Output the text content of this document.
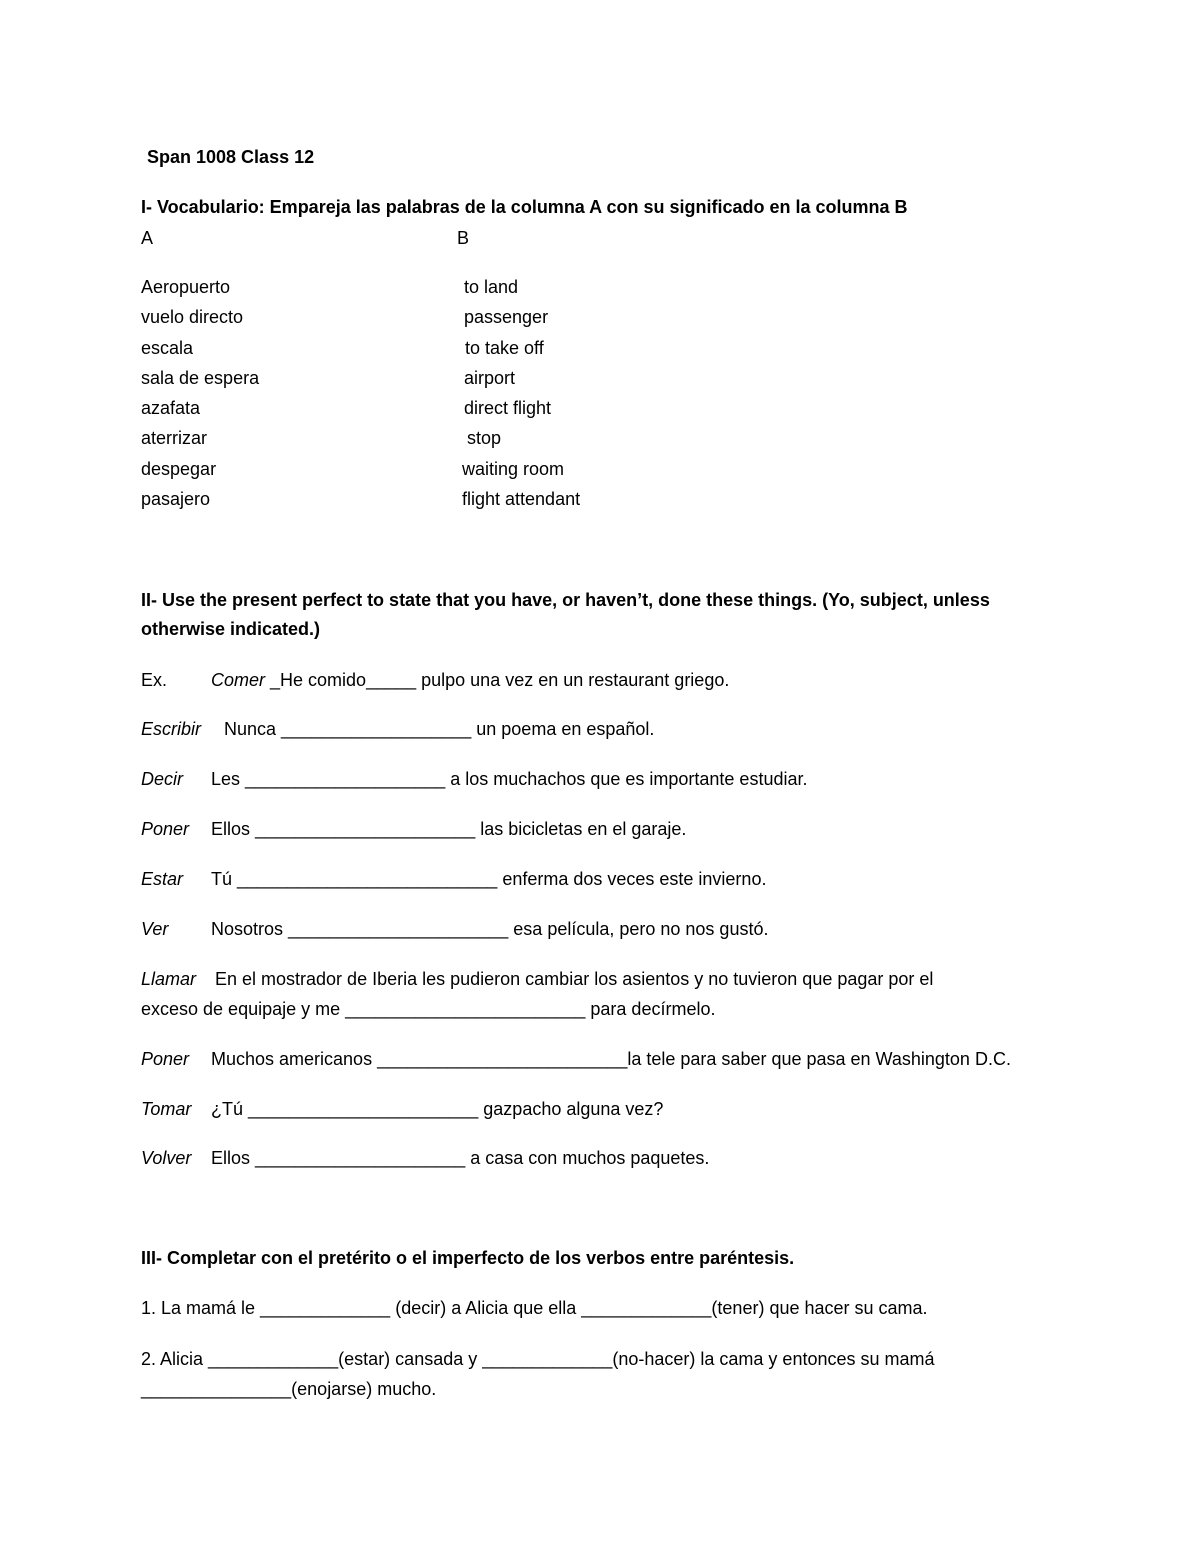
Span 1008 Class 12
I- Vocabulario: Empareja las palabras de la columna A con su significado en la columna B
A	B
Aeropuerto
vuelo directo
escala
sala de espera
azafata
aterrizar
despegar
pasajero
to land
passenger
to take off
airport
direct flight
stop
waiting room
flight attendant
II- Use the present perfect to state that you have, or haven’t, done these things. (Yo, subject, unless
otherwise indicated.)
Ex. Comer _He comido_____ pulpo una vez en un restaurant griego.
Escribir Nunca ___________________ un poema en español.
Decir Les ____________________ a los muchachos que es importante estudiar.
Poner Ellos ______________________ las bicicletas en el garaje.
Estar Tú __________________________ enferma dos veces este invierno.
Ver Nosotros ______________________ esa película, pero no nos gustó.
Llamar En el mostrador de Iberia les pudieron cambiar los asientos y no tuvieron que pagar por el
exceso de equipaje y me ________________________ para decírmelo.
Poner Muchos americanos _________________________la tele para saber que pasa en Washington D.C.
Tomar ¿Tú _______________________ gazpacho alguna vez?
Volver Ellos _____________________ a casa con muchos paquetes.
III- Completar con el pretérito o el imperfecto de los verbos entre paréntesis.
1. La mamá le _____________ (decir) a Alicia que ella _____________(tener) que hacer su cama.
2. Alicia _____________(estar) cansada y _____________(no-hacer) la cama y entonces su mamá
_______________(enojarse) mucho.
